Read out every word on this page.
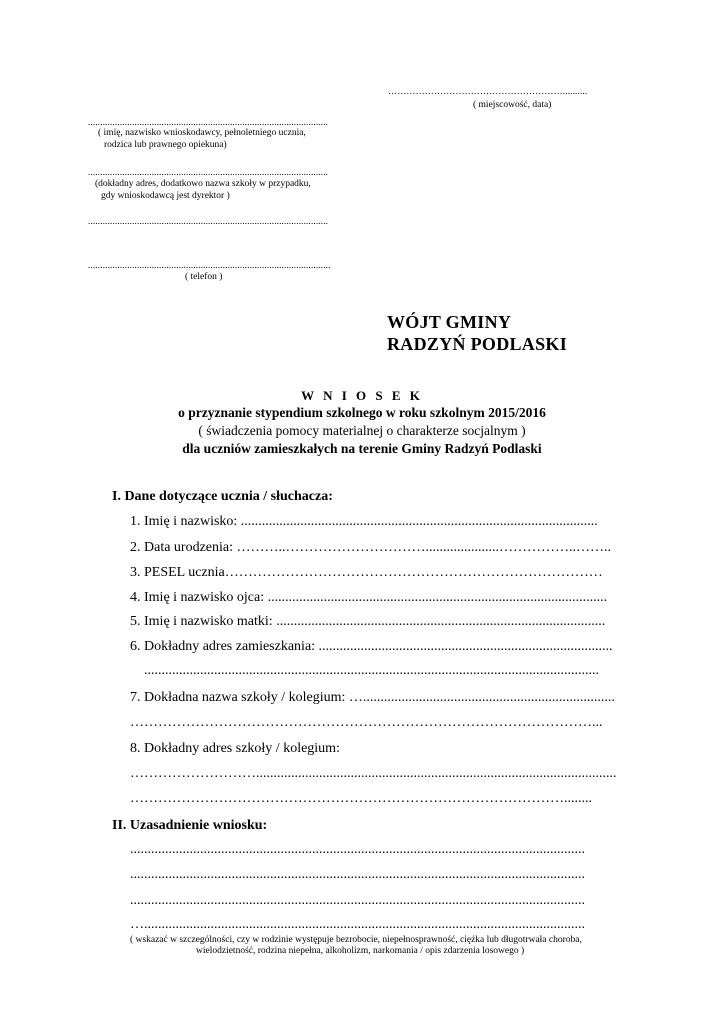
…………………………………………………..........
( miejscowość, data)
..................................................................................................
( imię, nazwisko wnioskodawcy, pełnoletniego ucznia,
rodzica lub prawnego opiekuna)
..................................................................................................
(dokładny adres, dodatkowo nazwa szkoły w przypadku,
gdy wnioskodawcą jest dyrektor )
..................................................................................................
...................................................................................................
( telefon )
WÓJT GMINY
RADZYŃ PODLASKI
W N I O S E K
o przyznanie stypendium szkolnego w roku szkolnym 2015/2016
( świadczenia pomocy materialnej o charakterze socjalnym )
dla uczniów zamieszkałych na terenie Gminy Radzyń Podlaski
I. Dane dotyczące ucznia / słuchacza:
1. Imię i nazwisko: ......................................................................................................
2. Data urodzenia: ………..………………………….....................……………..……..
3. PESEL ucznia………………………………………………………………………
4. Imię i nazwisko ojca: .................................................................................................
5. Imię i nazwisko matki: ..............................................................................................
6. Dokładny adres zamieszkania: ....................................................................................
..................................................................................................................................
7. Dokładna nazwa szkoły / kolegium: …........................................................................
………………………………………………………………………………………...
8. Dokładny adres szkoły / kolegium:
……………………….......................................................................................................
…………………………………………………………………………………........
II. Uzasadnienie wniosku:
..................................................................................................................................
..................................................................................................................................
..................................................................................................................................
…..............................................................................................................................
( wskazać w szczególności, czy w rodzinie występuje bezrobocie, niepełnosprawność, ciężka lub długotrwała choroba,
wielodzietność, rodzina niepełna, alkoholizm, narkomania / opis zdarzenia losowego )
